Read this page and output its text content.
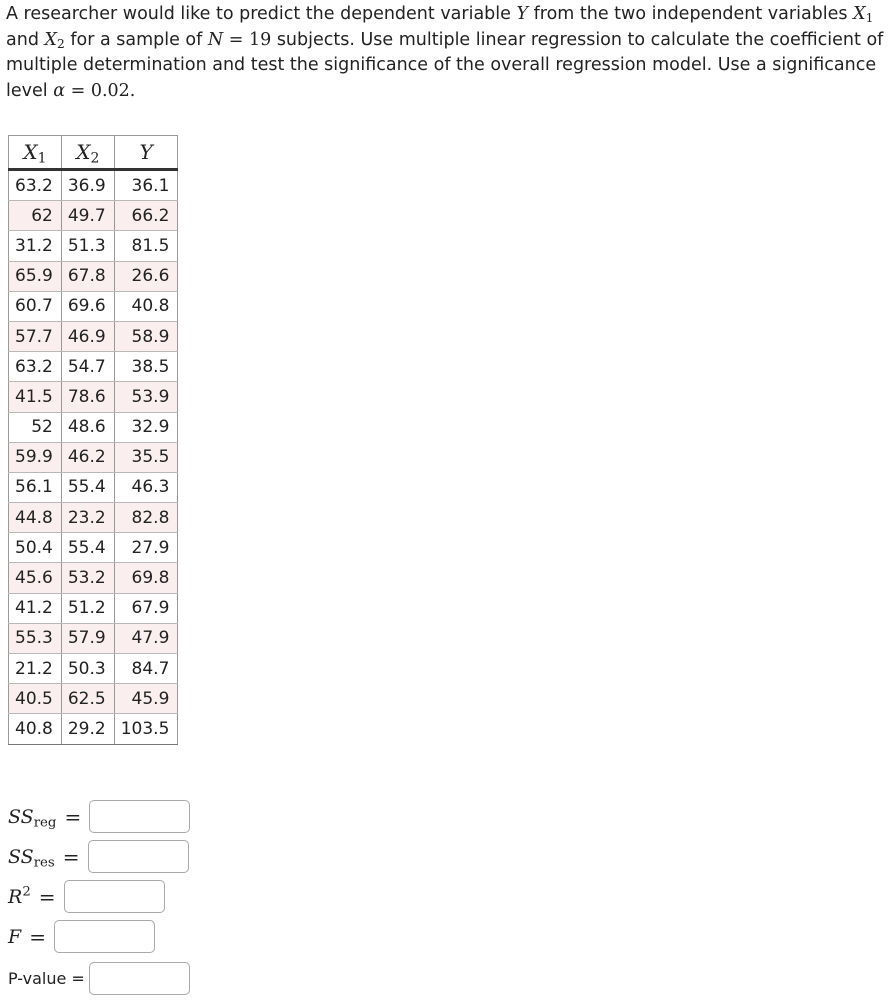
A researcher would like to predict the dependent variable Y from the two independent variables $X_1$ and $X_2$ for a sample of N = 19 subjects. Use multiple linear regression to calculate the coefficient of multiple determination and test the significance of the overall regression model. Use a significance level α = 0.02.

$X_1$	$X_2$	Y
63.2	36.9	36.1
62	49.7	66.2
31.2	51.3	81.5
65.9	67.8	26.6
60.7	69.6	40.8
57.7	46.9	58.9
63.2	54.7	38.5
41.5	78.6	53.9
52	48.6	32.9
59.9	46.2	35.5
56.1	55.4	46.3
44.8	23.2	82.8
50.4	55.4	27.9
45.6	53.2	69.8
41.2	51.2	67.9
55.3	57.9	47.9
21.2	50.3	84.7
40.5	62.5	45.9
40.8	29.2	103.5
$SS_{reg}$ =
$SS_{res}$ =
$R^2$ =
F =
P-value =
